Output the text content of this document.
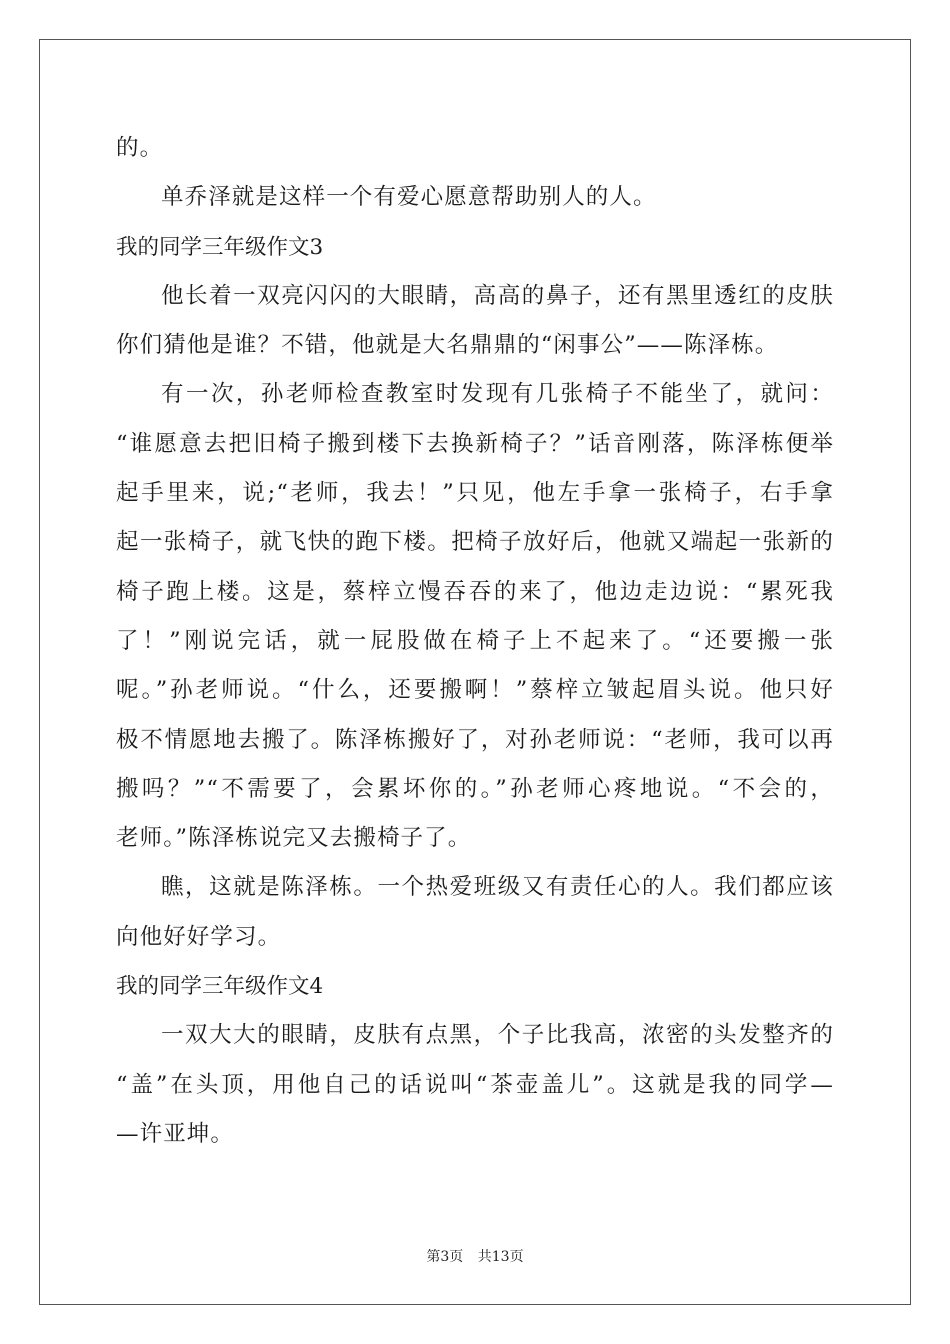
的。
单乔泽就是这样一个有爱心愿意帮助别人的人。
我的同学三年级作文3
他长着一双亮闪闪的大眼睛，高高的鼻子，还有黑里透红的皮肤
你们猜他是谁？不错，他就是大名鼎鼎的“闲事公”——陈泽栋。
有一次，孙老师检查教室时发现有几张椅子不能坐了，就问：
“谁愿意去把旧椅子搬到楼下去换新椅子？”话音刚落，陈泽栋便举
起手里来，说;“老师，我去！”只见，他左手拿一张椅子，右手拿
起一张椅子，就飞快的跑下楼。把椅子放好后，他就又端起一张新的
椅子跑上楼。这是，蔡梓立慢吞吞的来了，他边走边说：“累死我
了！”刚说完话，就一屁股做在椅子上不起来了。“还要搬一张
呢。”孙老师说。“什么，还要搬啊！”蔡梓立皱起眉头说。他只好
极不情愿地去搬了。陈泽栋搬好了，对孙老师说：“老师，我可以再
搬吗？”“不需要了，会累坏你的。”孙老师心疼地说。“不会的，
老师。”陈泽栋说完又去搬椅子了。
瞧，这就是陈泽栋。一个热爱班级又有责任心的人。我们都应该
向他好好学习。
我的同学三年级作文4
一双大大的眼睛，皮肤有点黑，个子比我高，浓密的头发整齐的
“盖”在头顶，用他自己的话说叫“茶壶盖儿”。这就是我的同学—
—许亚坤。
第3页 共13页
